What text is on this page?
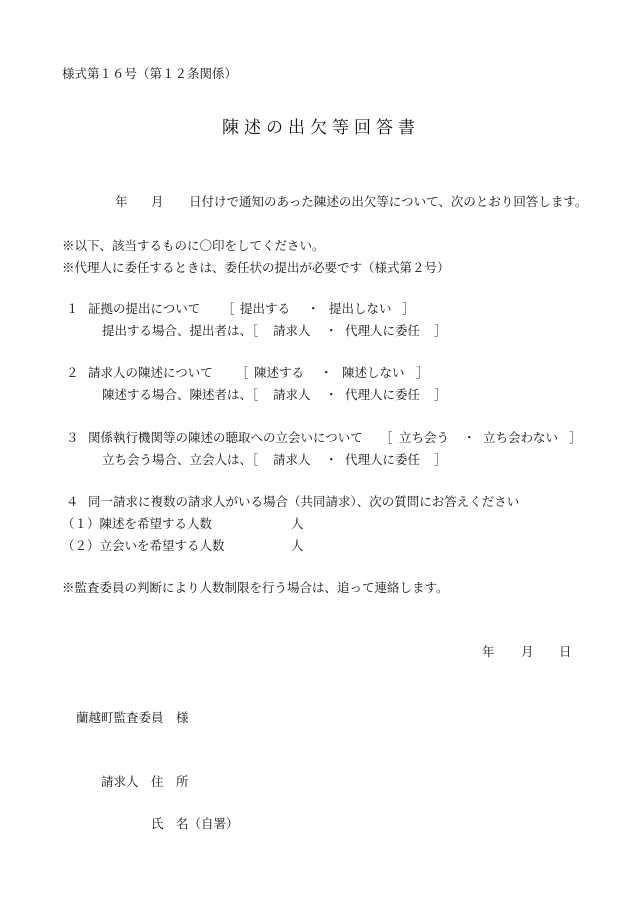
様式第１６号（第１２条関係）
陳述の出欠等回答書
年 月 日付けで通知のあった陳述の出欠等について、次のとおり回答します。
※以下、該当するものに〇印をしてください。
※代理人に委任するときは、委任状の提出が必要です（様式第２号）
１ 証拠の提出について ［ 提出する ・ 提出しない ］
提出する場合、提出者は、［ 請求人 ・ 代理人に委任 ］
２ 請求人の陳述について ［ 陳述する ・ 陳述しない ］
陳述する場合、陳述者は、［ 請求人 ・ 代理人に委任 ］
３ 関係執行機関等の陳述の聴取への立会いについて ［ 立ち会う ・ 立ち会わない ］
立ち会う場合、立会人は、［ 請求人 ・ 代理人に委任 ］
４ 同一請求に複数の請求人がいる場合（共同請求）、次の質問にお答えください
（１）陳述を希望する人数	人
（２）立会いを希望する人数	人
※監査委員の判断により人数制限を行う場合は、追って連絡します。
年 月 日
蘭越町監査委員　様
請求人 住　所
氏　名（自署）
